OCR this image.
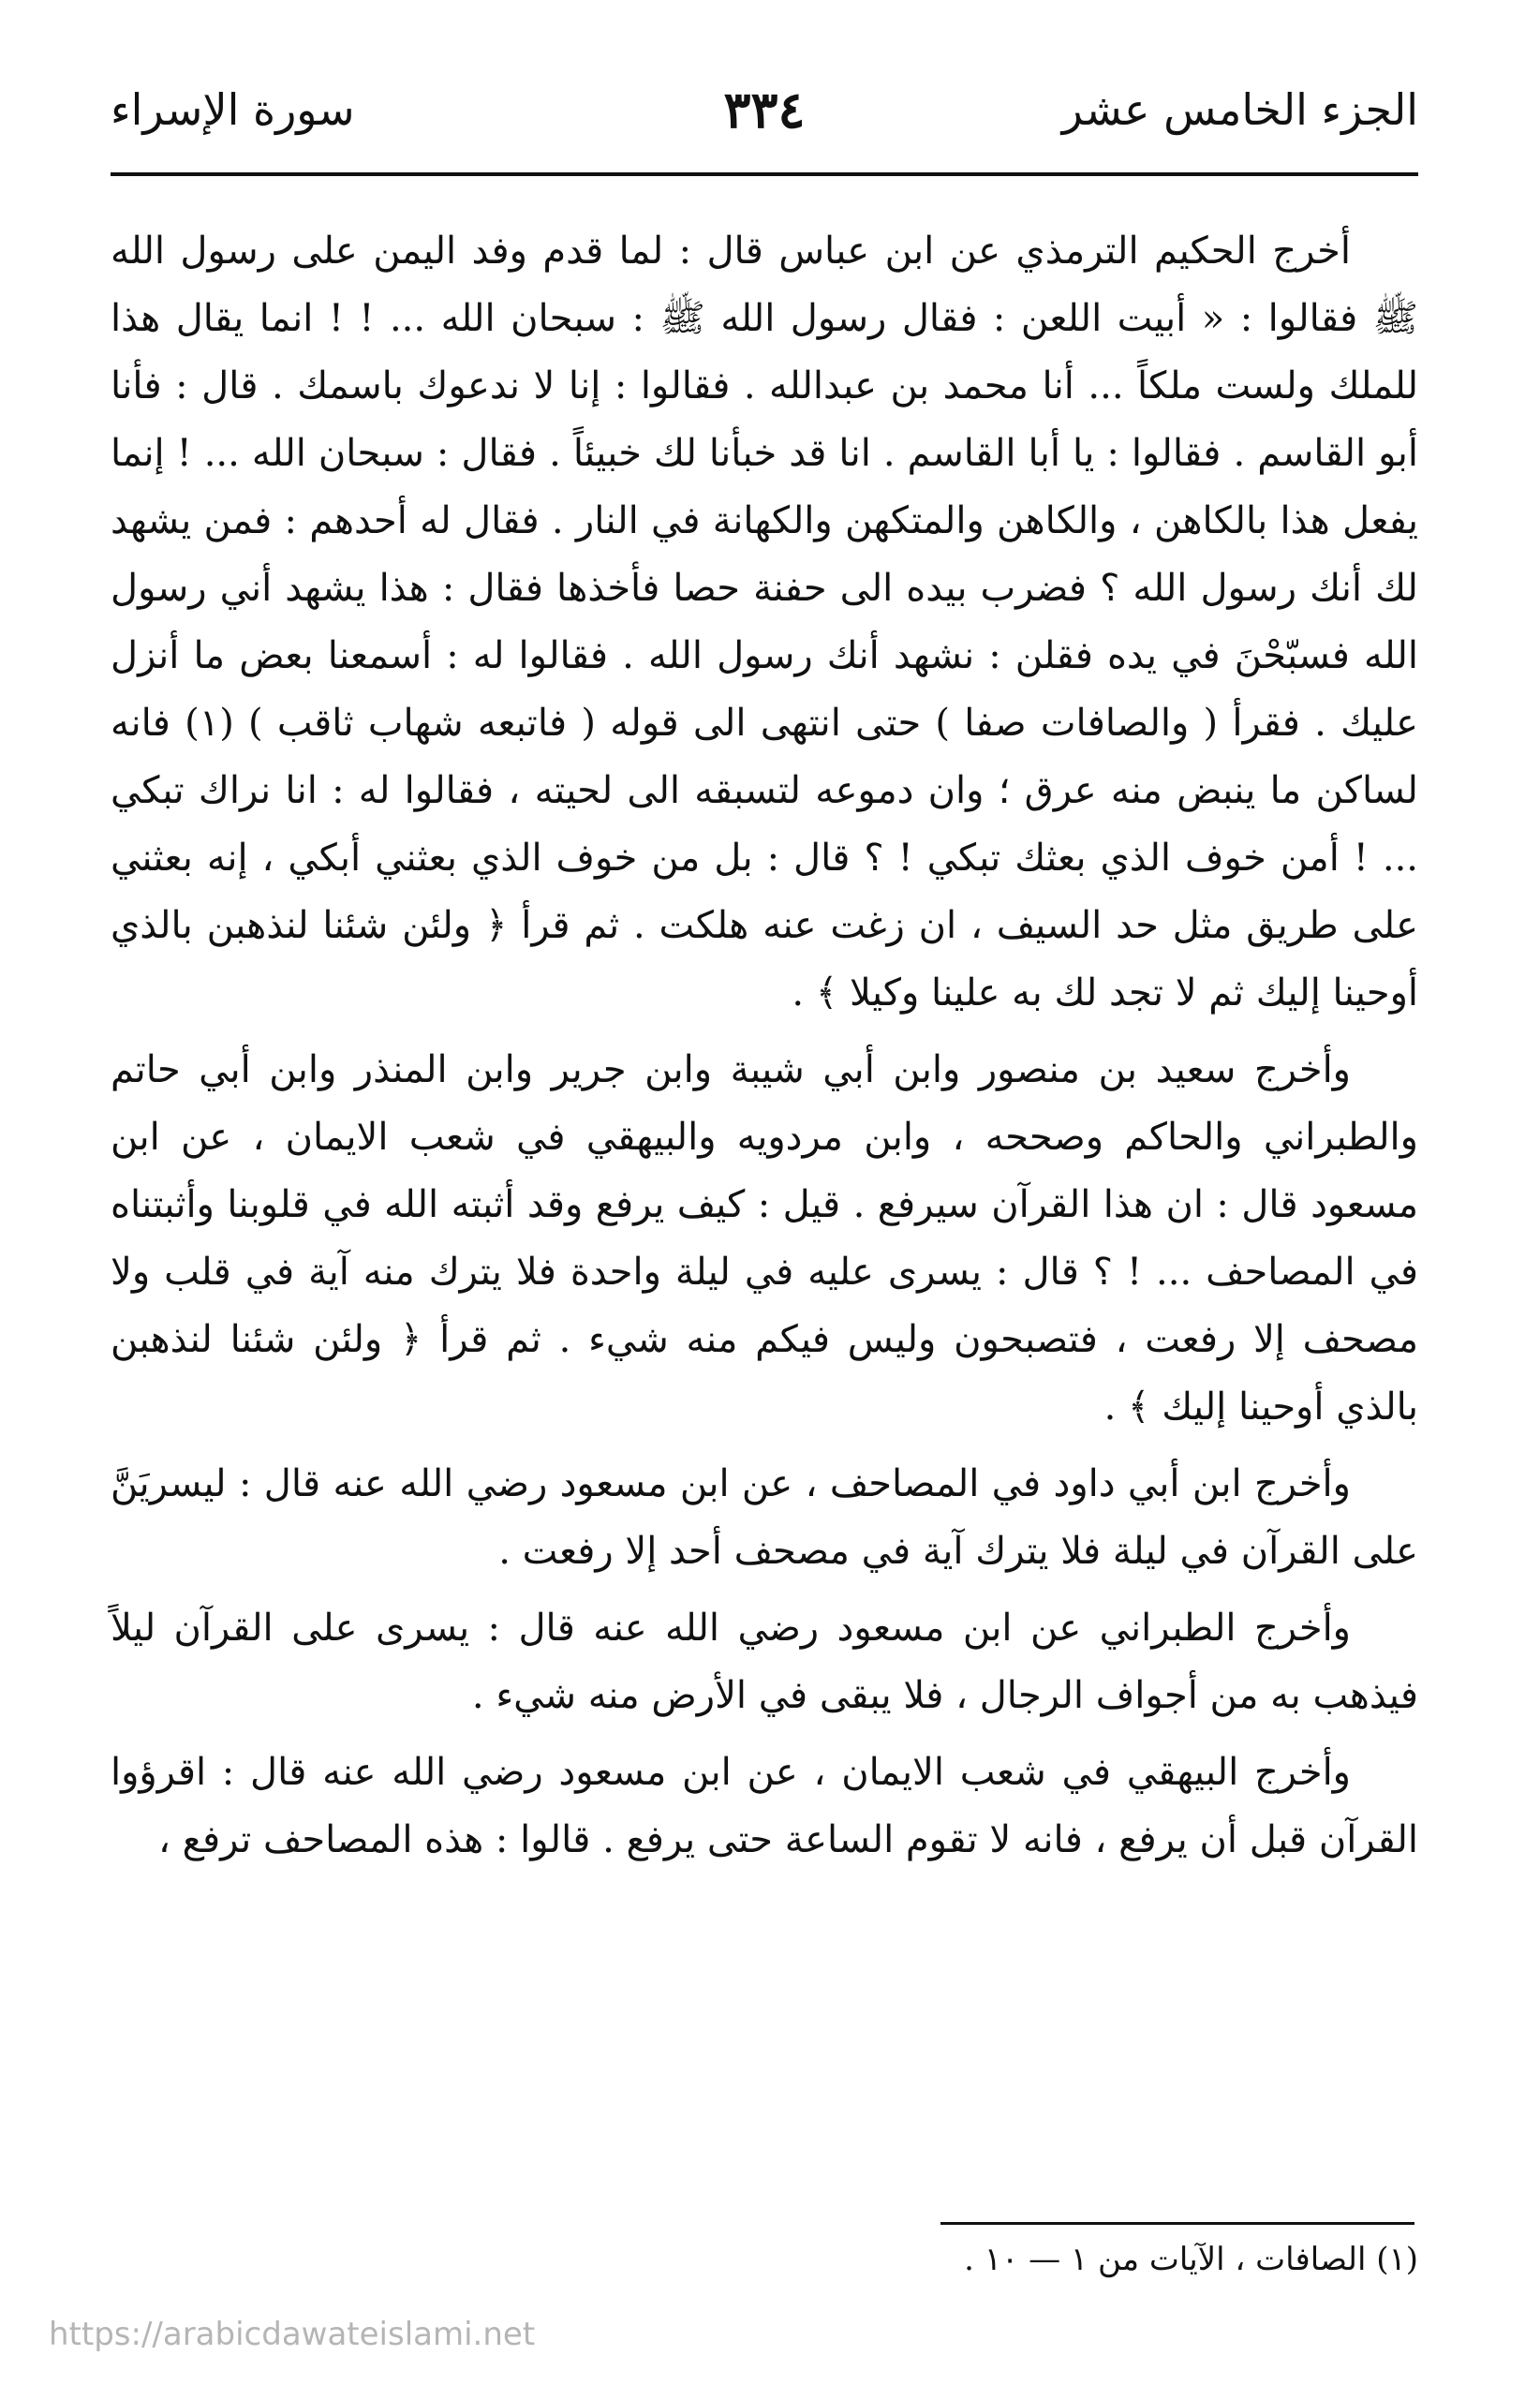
الجزء الخامس عشر
٣٣٤
سورة الإسراء

أخرج الحكيم الترمذي عن ابن عباس قال : لما قدم وفد اليمن على رسول الله ﷺ فقالوا : « أبيت اللعن : فقال رسول الله ﷺ : سبحان الله ... ! ! انما يقال هذا للملك ولست ملكاً ... أنا محمد بن عبدالله . فقالوا : إنا لا ندعوك باسمك . قال : فأنا أبو القاسم . فقالوا : يا أبا القاسم . انا قد خبأنا لك خبيئاً . فقال : سبحان الله ... ! إنما يفعل هذا بالكاهن ، والكاهن والمتكهن والكهانة في النار . فقال له أحدهم : فمن يشهد لك أنك رسول الله ؟ فضرب بيده الى حفنة حصا فأخذها فقال : هذا يشهد أني رسول الله فسبّحْنَ في يده فقلن : نشهد أنك رسول الله . فقالوا له : أسمعنا بعض ما أنزل عليك . فقرأ ( والصافات صفا ) حتى انتهى الى قوله ( فاتبعه شهاب ثاقب ) (١) فانه لساكن ما ينبض منه عرق ؛ وان دموعه لتسبقه الى لحيته ، فقالوا له : انا نراك تبكي ... ! أمن خوف الذي بعثك تبكي ! ؟ قال : بل من خوف الذي بعثني أبكي ، إنه بعثني على طريق مثل حد السيف ، ان زغت عنه هلكت . ثم قرأ ﴿ ولئن شئنا لنذهبن بالذي أوحينا إليك ثم لا تجد لك به علينا وكيلا ﴾ .

وأخرج سعيد بن منصور وابن أبي شيبة وابن جرير وابن المنذر وابن أبي حاتم والطبراني والحاكم وصححه ، وابن مردويه والبيهقي في شعب الايمان ، عن ابن مسعود قال : ان هذا القرآن سيرفع . قيل : كيف يرفع وقد أثبته الله في قلوبنا وأثبتناه في المصاحف ... ! ؟ قال : يسرى عليه في ليلة واحدة فلا يترك منه آية في قلب ولا مصحف إلا رفعت ، فتصبحون وليس فيكم منه شيء . ثم قرأ ﴿ ولئن شئنا لنذهبن بالذي أوحينا إليك ﴾ .

وأخرج ابن أبي داود في المصاحف ، عن ابن مسعود رضي الله عنه قال : ليسريَنَّ على القرآن في ليلة فلا يترك آية في مصحف أحد إلا رفعت .

وأخرج الطبراني عن ابن مسعود رضي الله عنه قال : يسرى على القرآن ليلاً فيذهب به من أجواف الرجال ، فلا يبقى في الأرض منه شيء .

وأخرج البيهقي في شعب الايمان ، عن ابن مسعود رضي الله عنه قال : اقرؤوا القرآن قبل أن يرفع ، فانه لا تقوم الساعة حتى يرفع . قالوا : هذه المصاحف ترفع ،

(١) الصافات ، الآيات من ١ — ١٠ .
https://arabicdawateislami.net
